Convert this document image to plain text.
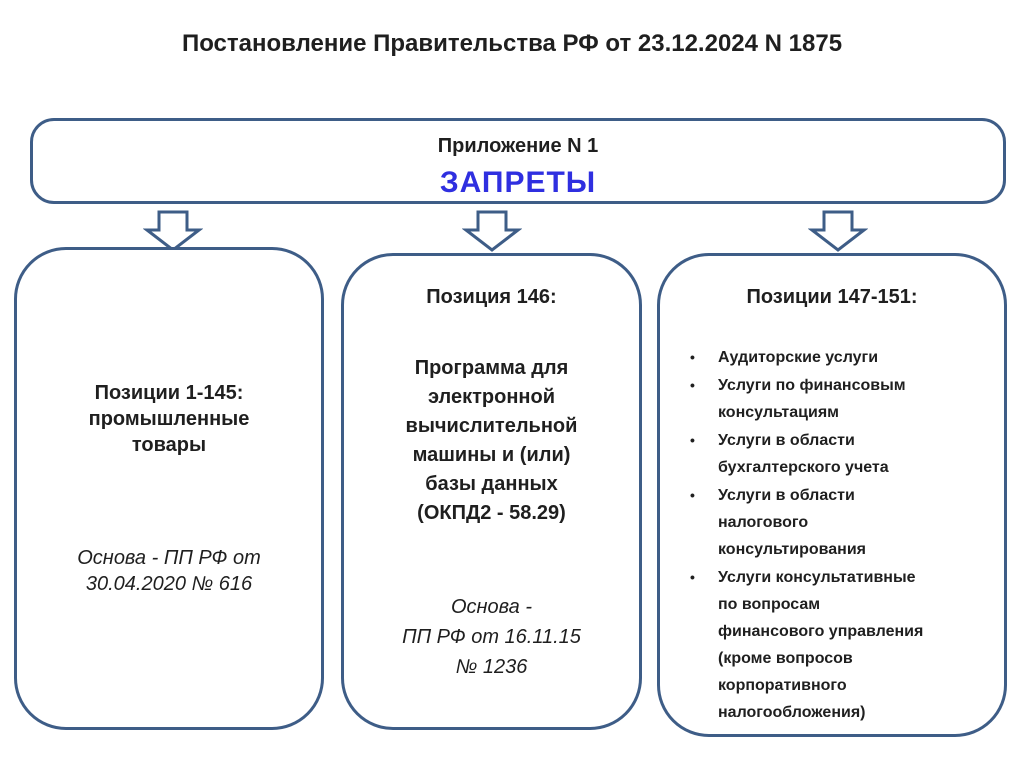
Постановление Правительства РФ от 23.12.2024 N 1875
Приложение N 1
ЗАПРЕТЫ
Позиции 1-145:
промышленные
товары
Основа - ПП РФ от
30.04.2020 № 616
Позиция 146:
Программа для
электронной
вычислительной
машины и (или)
базы данных
(ОКПД2 - 58.29)
Основа -
ПП РФ от 16.11.15
№ 1236
Позиции 147-151:
• Аудиторские услуги
• Услуги по финансовым
консультациям
• Услуги в области
бухгалтерского учета
• Услуги в области
налогового
консультирования
• Услуги консультативные
по вопросам
финансового управления
(кроме вопросов
корпоративного
налогообложения)
